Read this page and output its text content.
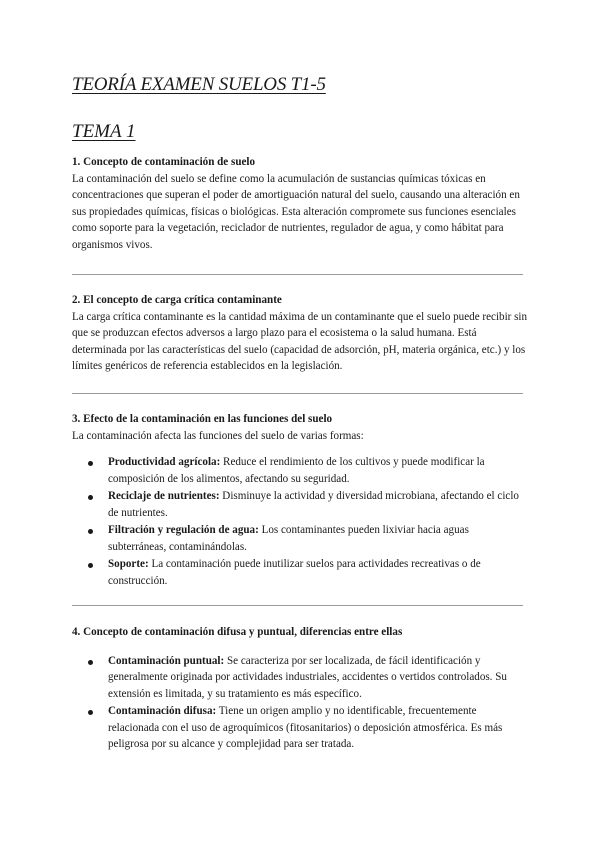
TEORÍA EXAMEN SUELOS T1-5
TEMA 1
1. Concepto de contaminación de suelo

La contaminación del suelo se define como la acumulación de sustancias químicas tóxicas en concentraciones que superan el poder de amortiguación natural del suelo, causando una alteración en sus propiedades químicas, físicas o biológicas. Esta alteración compromete sus funciones esenciales como soporte para la vegetación, reciclador de nutrientes, regulador de agua, y como hábitat para organismos vivos.

2. El concepto de carga crítica contaminante

La carga crítica contaminante es la cantidad máxima de un contaminante que el suelo puede recibir sin que se produzcan efectos adversos a largo plazo para el ecosistema o la salud humana. Está determinada por las características del suelo (capacidad de adsorción, pH, materia orgánica, etc.) y los límites genéricos de referencia establecidos en la legislación.

3. Efecto de la contaminación en las funciones del suelo

La contaminación afecta las funciones del suelo de varias formas:

Productividad agrícola: Reduce el rendimiento de los cultivos y puede modificar la composición de los alimentos, afectando su seguridad.
Reciclaje de nutrientes: Disminuye la actividad y diversidad microbiana, afectando el ciclo de nutrientes.
Filtración y regulación de agua: Los contaminantes pueden lixiviar hacia aguas subterráneas, contaminándolas.
Soporte: La contaminación puede inutilizar suelos para actividades recreativas o de construcción.
4. Concepto de contaminación difusa y puntual, diferencias entre ellas
Contaminación puntual: Se caracteriza por ser localizada, de fácil identificación y generalmente originada por actividades industriales, accidentes o vertidos controlados. Su extensión es limitada, y su tratamiento es más específico.
Contaminación difusa: Tiene un origen amplio y no identificable, frecuentemente relacionada con el uso de agroquímicos (fitosanitarios) o deposición atmosférica. Es más peligrosa por su alcance y complejidad para ser tratada.
